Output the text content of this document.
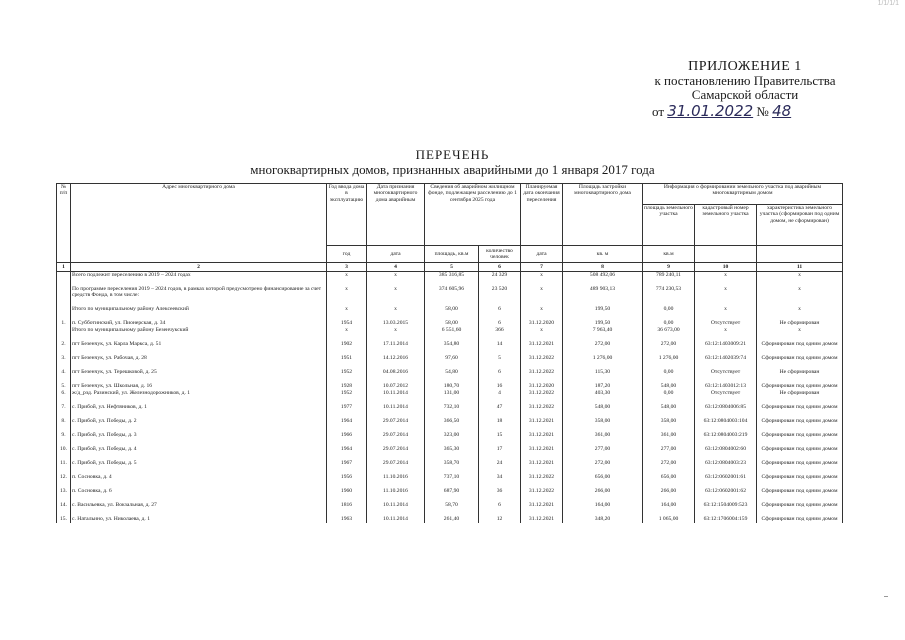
1/1/1/1
ПРИЛОЖЕНИЕ 1
к постановлению Правительства
Самарской области
от 31.01.2022 № 48
ПЕРЕЧЕНЬ
многоквартирных домов, признанных аварийными до 1 января 2017 года
№ п/п	Адрес многоквартирного дома	Год ввода дома в эксплуатацию	Дата признания многоквартирного дома аварийным	Сведения об аварийном жилищном фонде, подлежащем расселению до 1 сентября 2025 года		Планируемая дата окончания переселения	Площадь застройки многоквартирного дома	Информация о формировании земельного участка под аварийным многоквартирным домом		
								площадь земельного участка	кадастровый номер земельного участка	характеристика земельного участка (сформирован под одним домом, не сформирован)
		год	дата	площадь, кв.м	количество человек	дата	кв. м	кв.м		
1	2	3	4	5	6	7	8	9	10	11
	Всего подлежит переселению в 2019 – 2024 годах	х	х	385 316,85	24 329	х	508 492,06	789 240,11	х	х

	По программе переселения 2019 – 2024 годов, в рамках которой предусмотрено финансирование за счет средств Фонда, в том числе:	х	х	374 605,96	23 520	х	489 903,13	774 230,53	х	х

	Итого по муниципальному району Алексеевский	х	х	58,00	6	х	199,50	0,00	х	х

1.	п. Субботинский, ул. Пионерская, д. 34	1954	13.03.2015	58,00	6	31.12.2020	199,50	0,00	Отсутствует	Не сформирован
	Итого по муниципальному району Безенчукский	х	х	6 551,60	366	х	7 963,40	36 673,00	х	х

2.	пгт Безенчук, ул. Карла Маркса, д. 51	1902	17.11.2014	354,80	14	31.12.2021	272,00	272,00	63:12:1403009:21	Сформирован под одним домом

3.	пгт Безенчук, ул. Рабочая, д. 28	1951	14.12.2016	97,60	5	31.12.2022	1 276,00	1 276,00	63:12:1402039:74	Сформирован под одним домом

4.	пгт Безенчук, ул. Терешковой, д. 25	1952	04.08.2016	54,80	6	31.12.2022	115,30	0,00	Отсутствует	Не сформирован

5.	пгт Безенчук, ул. Школьная, д. 16	1928	10.07.2012	180,70	16	31.12.2020	187,20	548,00	63:12:1403012:13	Сформирован под одним домом
6.	ж/д_рзд. Разинский, ул. Железнодорожников, д. 1	1952	10.11.2014	131,00	4	31.12.2022	403,30	0,00	Отсутствует	Не сформирован

7.	с. Прибой, ул. Нефтяников, д. 1	1977	10.11.2014	732,10	47	31.12.2022	548,00	548,00	63:12:0804006:85	Сформирован под одним домом

8.	с. Прибой, ул. Победы, д. 2	1964	29.07.2014	366,50	18	31.12.2021	358,00	358,00	63:12:0804003:104	Сформирован под одним домом

9.	с. Прибой, ул. Победы, д. 3	1966	29.07.2014	323,00	15	31.12.2021	361,00	361,00	63:12:0804003:219	Сформирован под одним домом

10.	с. Прибой, ул. Победы, д. 4	1964	29.07.2014	365,30	17	31.12.2021	277,00	277,00	63:12:0804002:60	Сформирован под одним домом

11.	с. Прибой, ул. Победы, д. 5	1967	29.07.2014	358,70	24	31.12.2021	272,00	272,00	63:12:0804003:23	Сформирован под одним домом

12.	п. Сосновка, д. 4	1956	11.10.2016	737,10	34	31.12.2022	656,00	656,00	63:12:0602001:61	Сформирован под одним домом

13.	п. Сосновка, д. 6	1960	11.10.2016	687,90	36	31.12.2022	266,00	266,00	63:12:0602001:62	Сформирован под одним домом

14.	с. Васильевка, ул. Вокзальная, д. 27	1816	10.11.2014	58,70	6	31.12.2021	164,00	164,00	63:12:1504009:523	Сформирован под одним домом

15.	с. Натальино, ул. Николаева, д. 1	1963	10.11.2014	261,40	12	31.12.2021	348,20	1 065,00	63:12:1706004:159	Сформирован под одним домом
